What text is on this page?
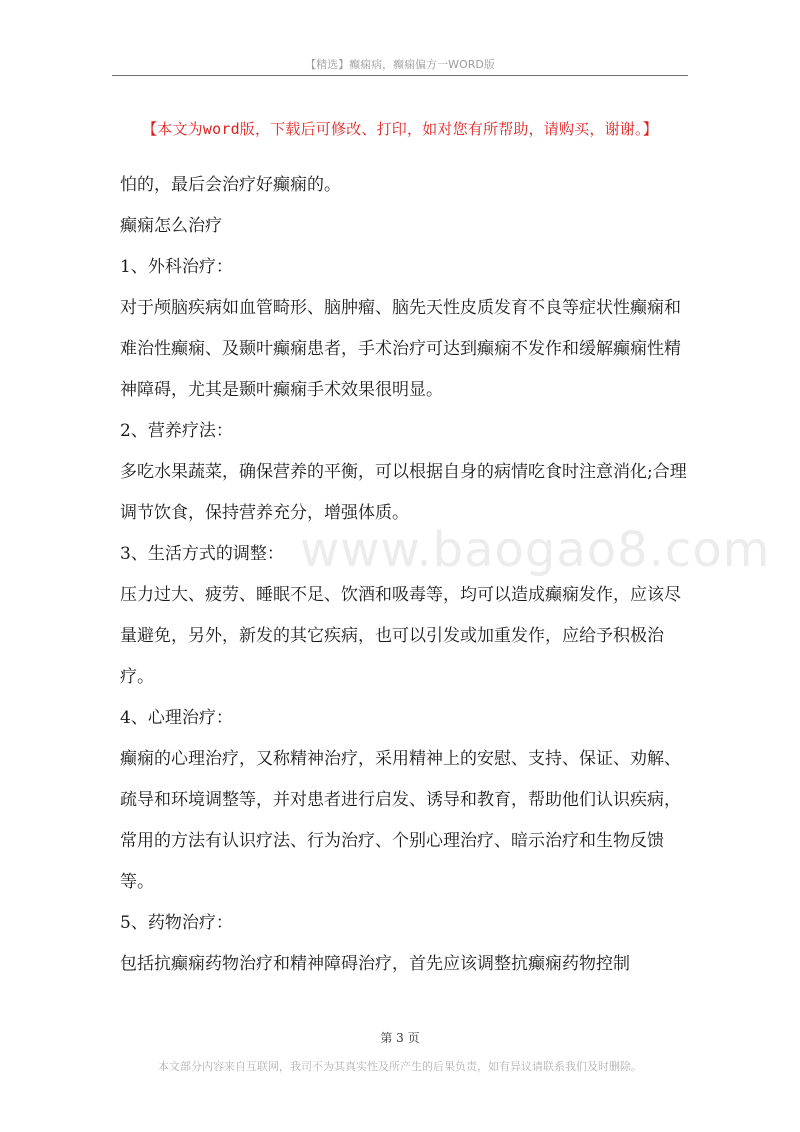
【精选】癫痫病，癫痫偏方一WORD版
【本文为word版，下载后可修改、打印，如对您有所帮助，请购买，谢谢。】
www.baogao8.com

怕的，最后会治疗好癫痫的。

癫痫怎么治疗

1、外科治疗：

对于颅脑疾病如血管畸形、脑肿瘤、脑先天性皮质发育不良等症状性癫痫和难治性癫痫、及颞叶癫痫患者，手术治疗可达到癫痫不发作和缓解癫痫性精神障碍，尤其是颞叶癫痫手术效果很明显。

2、营养疗法：

多吃水果蔬菜，确保营养的平衡，可以根据自身的病情吃食时注意消化;合理调节饮食，保持营养充分，增强体质。

3、生活方式的调整：

压力过大、疲劳、睡眠不足、饮酒和吸毒等，均可以造成癫痫发作，应该尽量避免，另外，新发的其它疾病，也可以引发或加重发作，应给予积极治疗。

4、心理治疗：

癫痫的心理治疗，又称精神治疗，采用精神上的安慰、支持、保证、劝解、疏导和环境调整等，并对患者进行启发、诱导和教育，帮助他们认识疾病，常用的方法有认识疗法、行为治疗、个别心理治疗、暗示治疗和生物反馈等。

5、药物治疗：

包括抗癫痫药物治疗和精神障碍治疗，首先应该调整抗癫痫药物控制

第 3 页
本文部分内容来自互联网，我司不为其真实性及所产生的后果负责，如有异议请联系我们及时删除。
